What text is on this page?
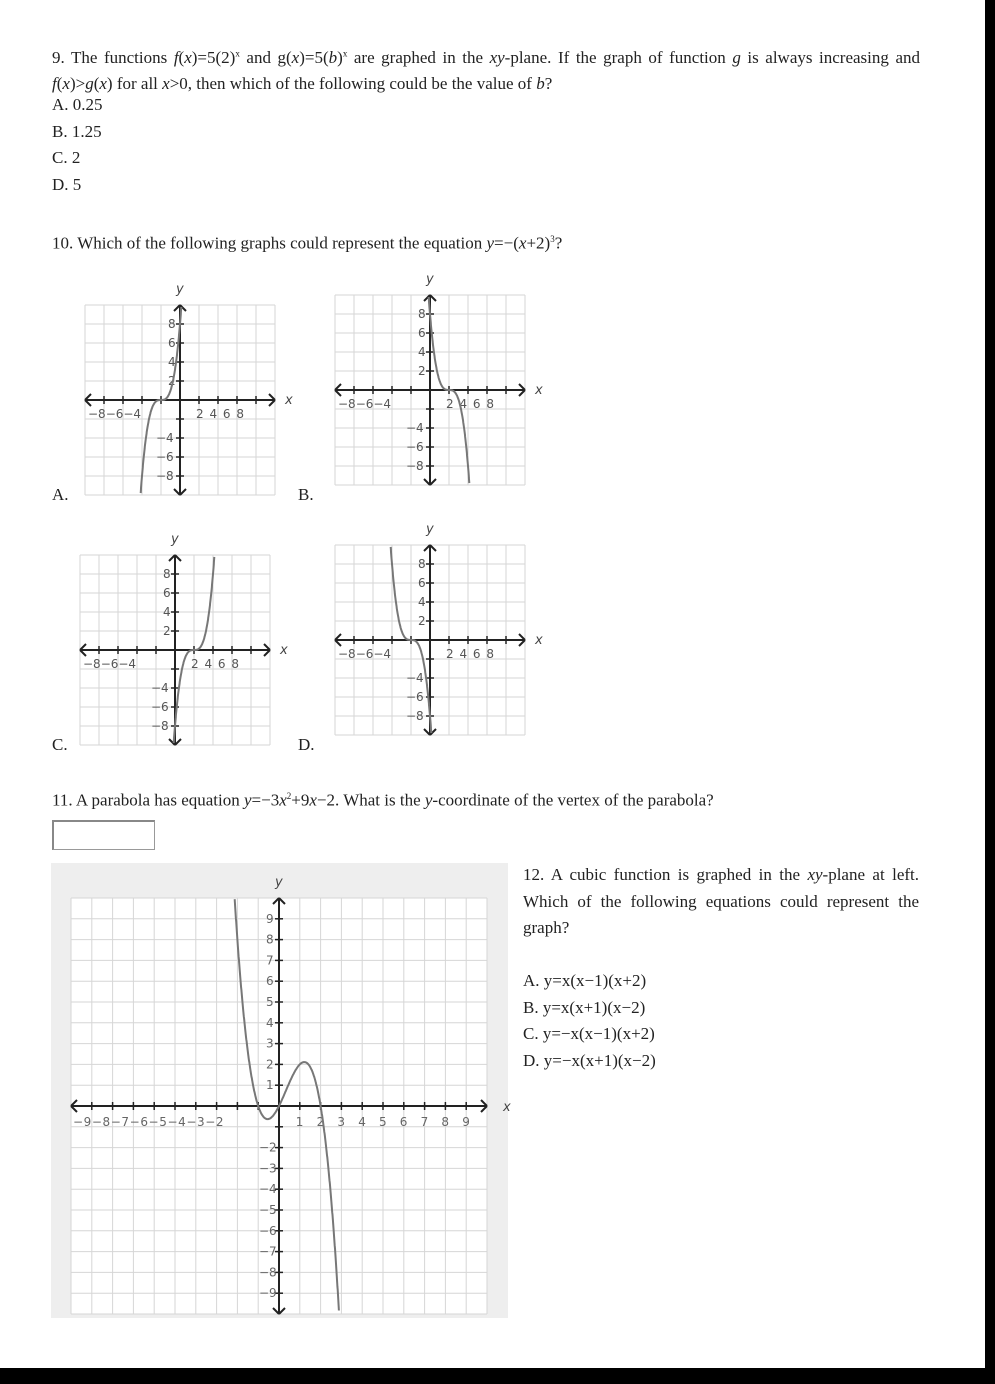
9. The functions $f(x)=5(2)^x$ and $g(x)=5(b)^x$ are graphed in the xy-plane. If the graph of function g is always increasing and f(x)>g(x) for all x>0, then which of the following could be the value of b?
A. 0.25
B. 1.25
C. 2
D. 5
10. Which of the following graphs could represent the equation $y=-(x+2)^3$?
A.	B.
C.	D.
−8−6−4	2 4 6 8
8
6
4
2
−4
−6
−8
y
x	−8−6−4	2 4 6 8
8
6
4
2
−4
−6
−8
y
x
−8−6−4	2 4 6 8
8
6
4
2
−4
−6
−8
y
x	−8−6−4	2 4 6 8
8
6
4
2
−4
−6
−8
y
x
11. A parabola has equation $y=-3x^2+9x-2$. What is the y-coordinate of the vertex of the parabola?
−9−8−7−6−5−4−3−2	1 2 3 4 5 6 7 8 9
9
8
7
6
5
4
3
2
1
−2
−3
−4
−5
−6
−7
−8
−9
y
x
12. A cubic function is graphed in the xy-plane at left. Which of the following equations could represent the graph?
A. y=x(x−1)(x+2)
B. y=x(x+1)(x−2)
C. y=−x(x−1)(x+2)
D. y=−x(x+1)(x−2)
